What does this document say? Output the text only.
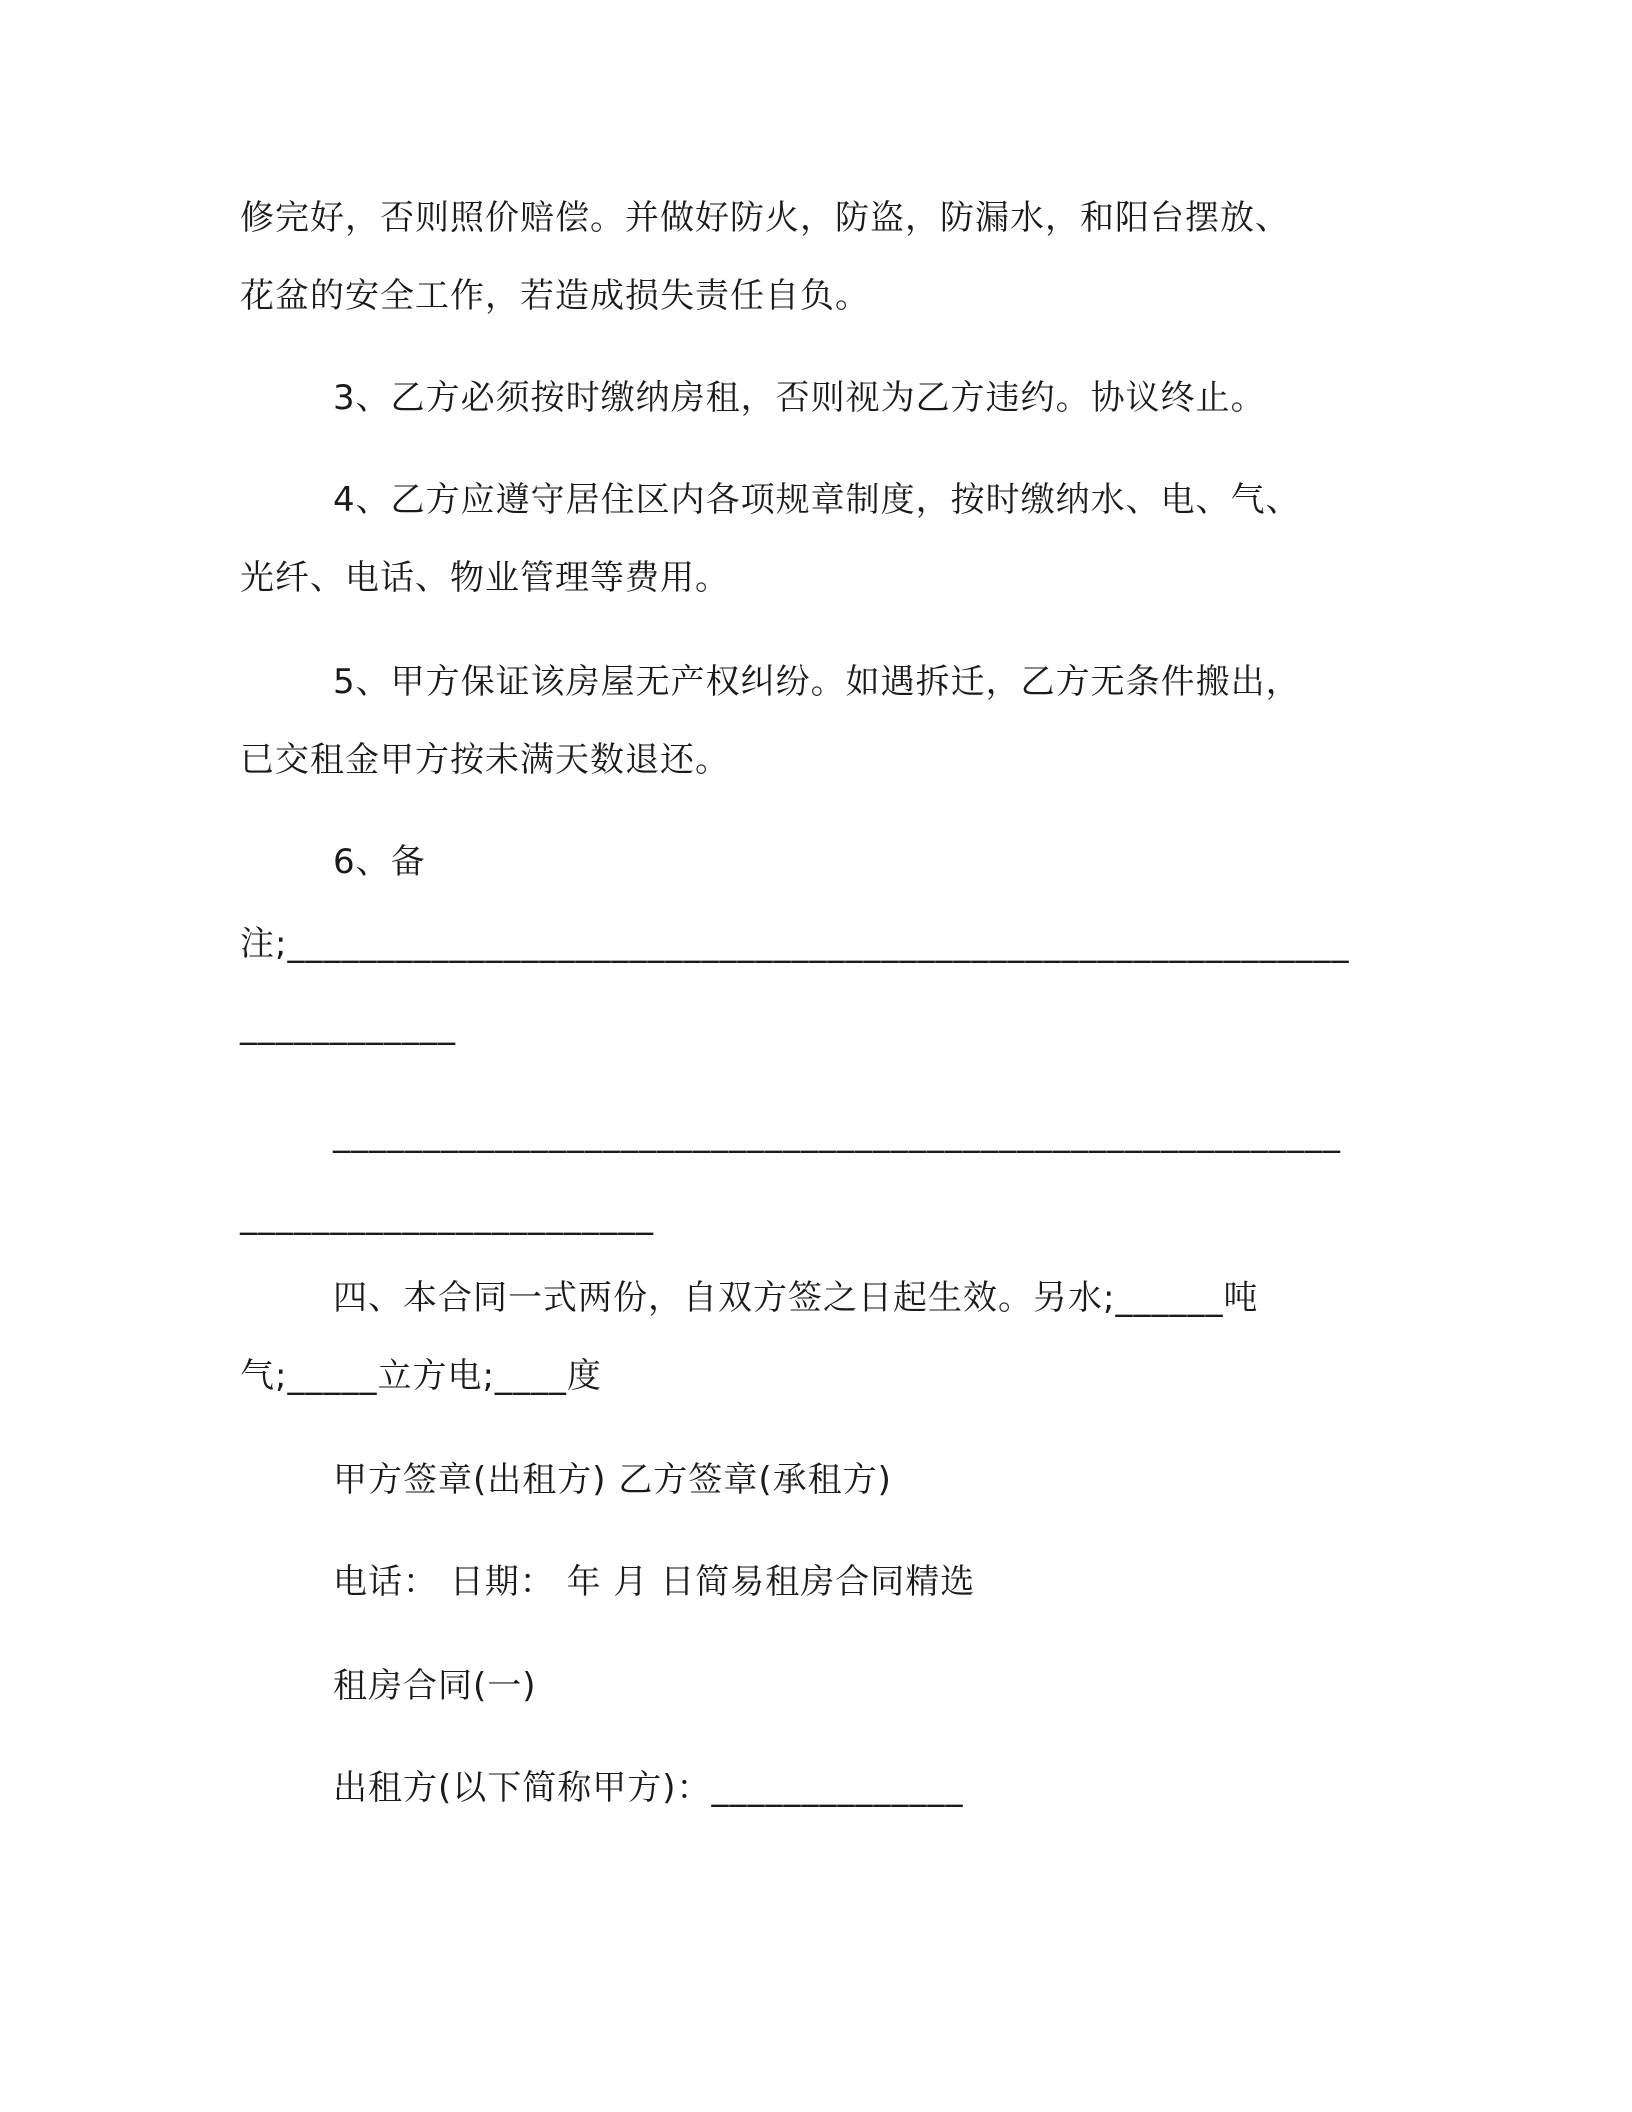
修完好，否则照价赔偿。并做好防火，防盗，防漏水，和阳台摆放、
花盆的安全工作，若造成损失责任自负。
3、乙方必须按时缴纳房租，否则视为乙方违约。协议终止。
4、乙方应遵守居住区内各项规章制度，按时缴纳水、电、气、
光纤、电话、物业管理等费用。
5、甲方保证该房屋无产权纠纷。如遇拆迁，乙方无条件搬出，
已交租金甲方按未满天数退还。
6、备
注;___________________________________________________________
____________
________________________________________________________
_______________________
四、本合同一式两份，自双方签之日起生效。另水;______吨
气;_____立方电;____度
甲方签章(出租方) 乙方签章(承租方)
电话： 日期： 年 月 日简易租房合同精选
租房合同(一)
出租方(以下简称甲方)：______________
